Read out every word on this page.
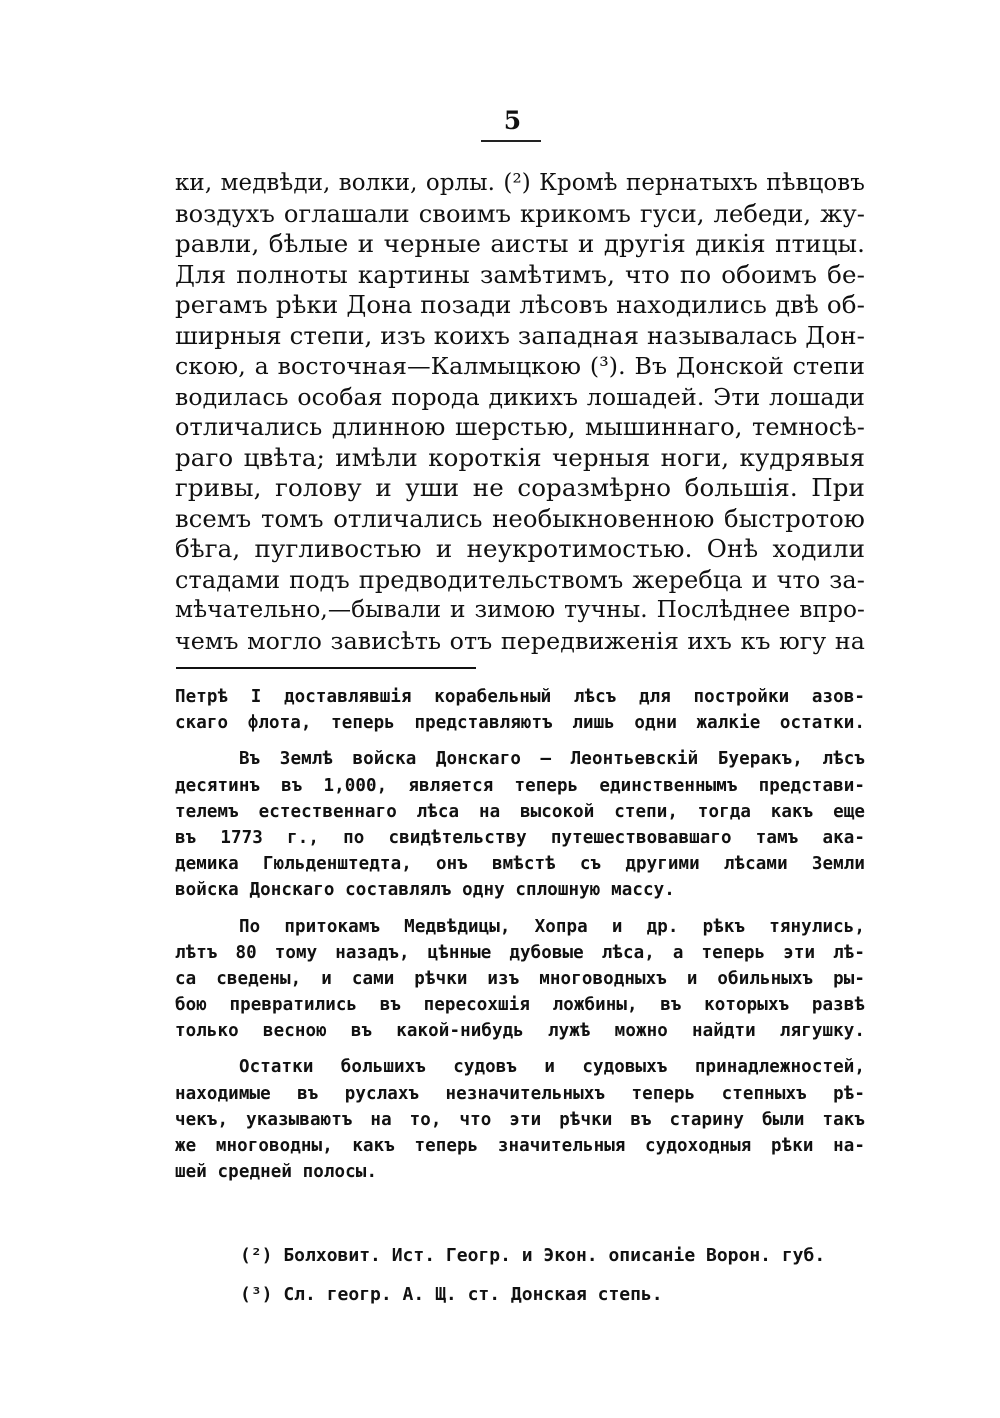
5
ки, медвѣди, волки, орлы. (²) Кромѣ пернатыхъ пѣвцовъ
воздухъ оглашали своимъ крикомъ гуси, лебеди, жу-
равли, бѣлые и черные аисты и другія дикія птицы.
Для полноты картины замѣтимъ, что по обоимъ бе-
регамъ рѣки Дона позади лѣсовъ находились двѣ об-
ширныя степи, изъ коихъ западная называлась Дон-
скою, а восточная—Калмыцкою (³). Въ Донской степи
водилась особая порода дикихъ лошадей. Эти лошади
отличались длинною шерстью, мышиннаго, темносѣ-
раго цвѣта; имѣли короткія черныя ноги, кудрявыя
гривы, голову и уши не соразмѣрно большія. При
всемъ томъ отличались необыкновенною быстротою
бѣга, пугливостью и неукротимостью. Онѣ ходили
стадами подъ предводительствомъ жеребца и что за-
мѣчательно,—бывали и зимою тучны. Послѣднее впро-
чемъ могло зависѣть отъ передвиженія ихъ къ югу на
Петрѣ I доставлявшія корабельный лѣсъ для постройки азов-
скаго флота, теперь представляютъ лишь одни жалкіе остатки.
Въ Землѣ войска Донскаго — Леонтьевскій Буеракъ, лѣсъ
десятинъ въ 1,000, является теперь единственнымъ представи-
телемъ естественнаго лѣса на высокой степи, тогда какъ еще
въ 1773 г., по свидѣтельству путешествовавшаго тамъ ака-
демика Гюльденштедта, онъ вмѣстѣ съ другими лѣсами Земли
войска Донскаго составлялъ одну сплошную массу.
По притокамъ Медвѣдицы, Хопра и др. рѣкъ тянулись,
лѣтъ 80 тому назадъ, цѣнные дубовые лѣса, а теперь эти лѣ-
са сведены, и сами рѣчки изъ многоводныхъ и обильныхъ ры-
бою превратились въ пересохшія ложбины, въ которыхъ развѣ
только весною въ какой-нибудь лужѣ можно найдти лягушку.
Остатки большихъ судовъ и судовыхъ принадлежностей,
находимые въ руслахъ незначительныхъ теперь степныхъ рѣ-
чекъ, указываютъ на то, что эти рѣчки въ старину были такъ
же многоводны, какъ теперь значительныя судоходныя рѣки на-
шей средней полосы.
(²) Болховит. Ист. Геогр. и Экон. описаніе Ворон. губ.
(³) Сл. геогр. А. Щ. ст. Донская степь.
